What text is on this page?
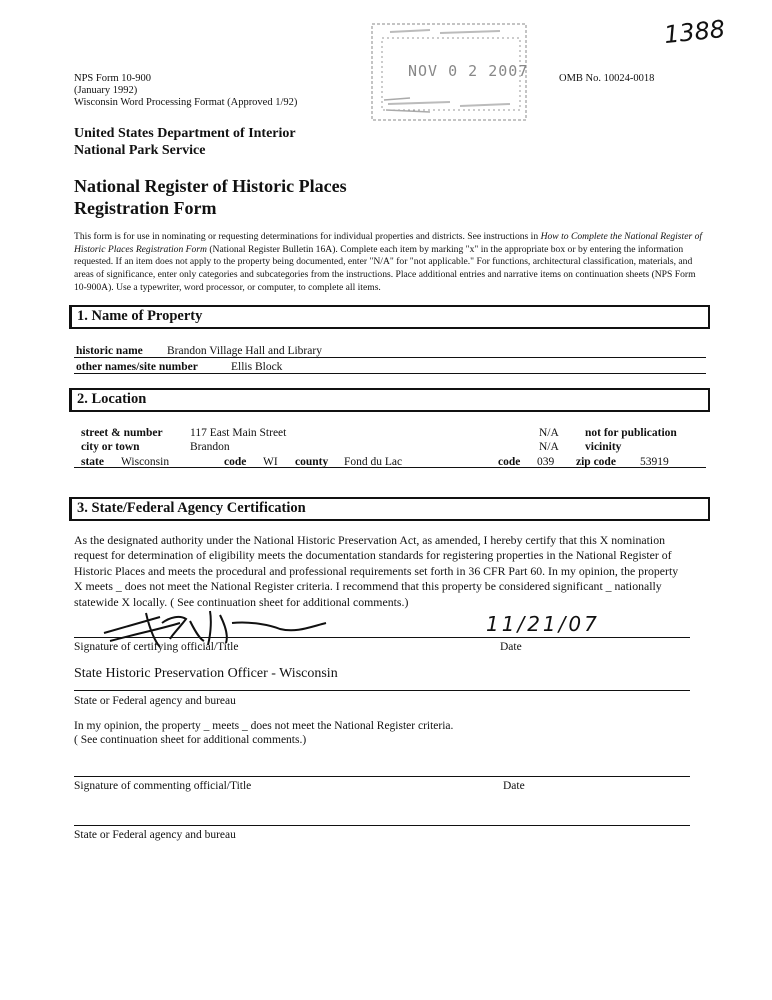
NOV 0 2 2007
1388
NPS Form 10-900
(January 1992)
Wisconsin Word Processing Format (Approved 1/92)
OMB No. 10024-0018
United States Department of Interior
National Park Service
National Register of Historic Places
Registration Form
This form is for use in nominating or requesting determinations for individual properties and districts. See instructions in How to Complete the National Register of Historic Places Registration Form (National Register Bulletin 16A). Complete each item by marking "x" in the appropriate box or by entering the information requested. If an item does not apply to the property being documented, enter "N/A" for "not applicable." For functions, architectural classification, materials, and areas of significance, enter only categories and subcategories from the instructions. Place additional entries and narrative items on continuation sheets (NPS Form 10-900A). Use a typewriter, word processor, or computer, to complete all items.
1. Name of Property
historic name Brandon Village Hall and Library
other names/site number	Ellis Block
2. Location
street & number 117 East Main Street	N/A not for publication
city or town	Brandon	N/A vicinity
state Wisconsin	code WI county Fond du Lac	code 039 zip code 53919
3. State/Federal Agency Certification
As the designated authority under the National Historic Preservation Act, as amended, I hereby certify that this X nomination
request for determination of eligibility meets the documentation standards for registering properties in the National Register of
Historic Places and meets the procedural and professional requirements set forth in 36 CFR Part 60. In my opinion, the property
X meets _ does not meet the National Register criteria. I recommend that this property be considered significant _ nationally
statewide X locally. ( See continuation sheet for additional comments.)
11/21/07
Signature of certifying official/Title	Date
State Historic Preservation Officer - Wisconsin
State or Federal agency and bureau
In my opinion, the property _ meets _ does not meet the National Register criteria.
( See continuation sheet for additional comments.)
Signature of commenting official/Title	Date
State or Federal agency and bureau
